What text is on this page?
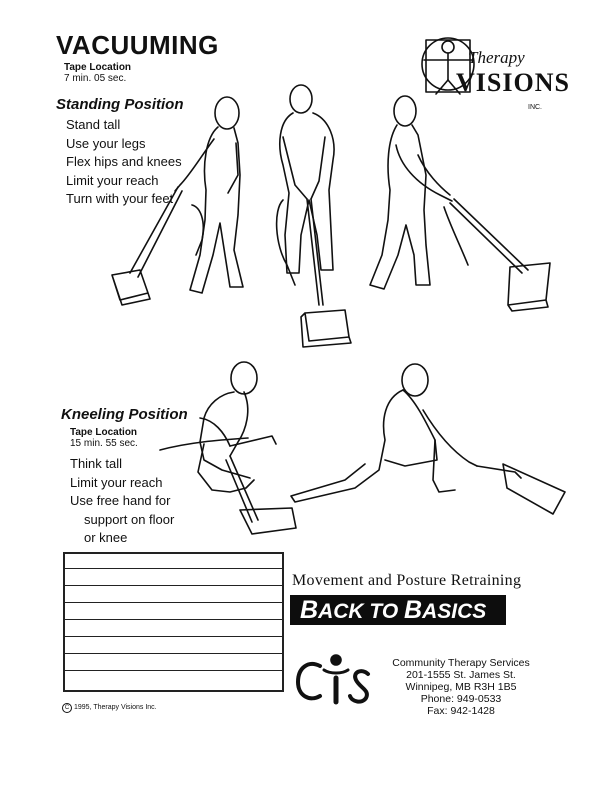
VACUUMING
Tape Location
7 min. 05 sec.
Therapy
VISIONS
INC.
Standing Position
Stand tall
Use your legs
Flex hips and knees
Limit your reach
Turn with your feet
Kneeling Position
Tape Location
15 min. 55 sec.
Think tall
Limit your reach
Use free hand for
support on floor
or knee
C 1995, Therapy Visions Inc.
Movement and Posture Retraining
BACK TO BASICS
Community Therapy Services
201-1555 St. James St.
Winnipeg, MB R3H 1B5
Phone: 949-0533
Fax: 942-1428
